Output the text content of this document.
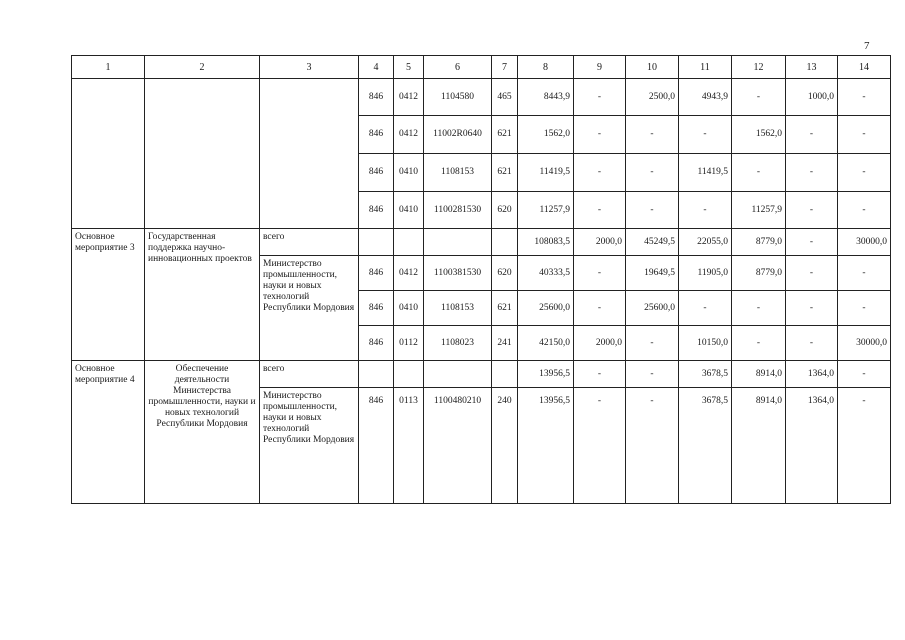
7
1	2	3	4	5	6	7	8	9	10	11	12	13	14
			846	0412	1104580	465	8443,9	-	2500,0	4943,9	-	1000,0	-
			846	0412	11002R0640	621	1562,0	-	-	-	1562,0	-	-
			846	0410	1108153	621	11419,5	-	-	11419,5	-	-	-
			846	0410	1100281530	620	11257,9	-	-	-	11257,9	-	-
Основное мероприятие 3	Государственная поддержка научно-инновационных проектов	всего					108083,5	2000,0	45249,5	22055,0	8779,0	-	30000,0
		Министерство промышленности, науки и новых технологий Республики Мордовия	846	0412	1100381530	620	40333,5	-	19649,5	11905,0	8779,0	-	-
			846	0410	1108153	621	25600,0	-	25600,0	-	-	-	-
			846	0112	1108023	241	42150,0	2000,0	-	10150,0	-	-	30000,0
Основное мероприятие 4	Обеспечение деятельности Министерства промышленности, науки и новых технологий Республики Мордовия	всего					13956,5	-	-	3678,5	8914,0	1364,0	-
		Министерство промышленности, науки и новых технологий Республики Мордовия	846	0113	1100480210	240	13956,5	-	-	3678,5	8914,0	1364,0	-
